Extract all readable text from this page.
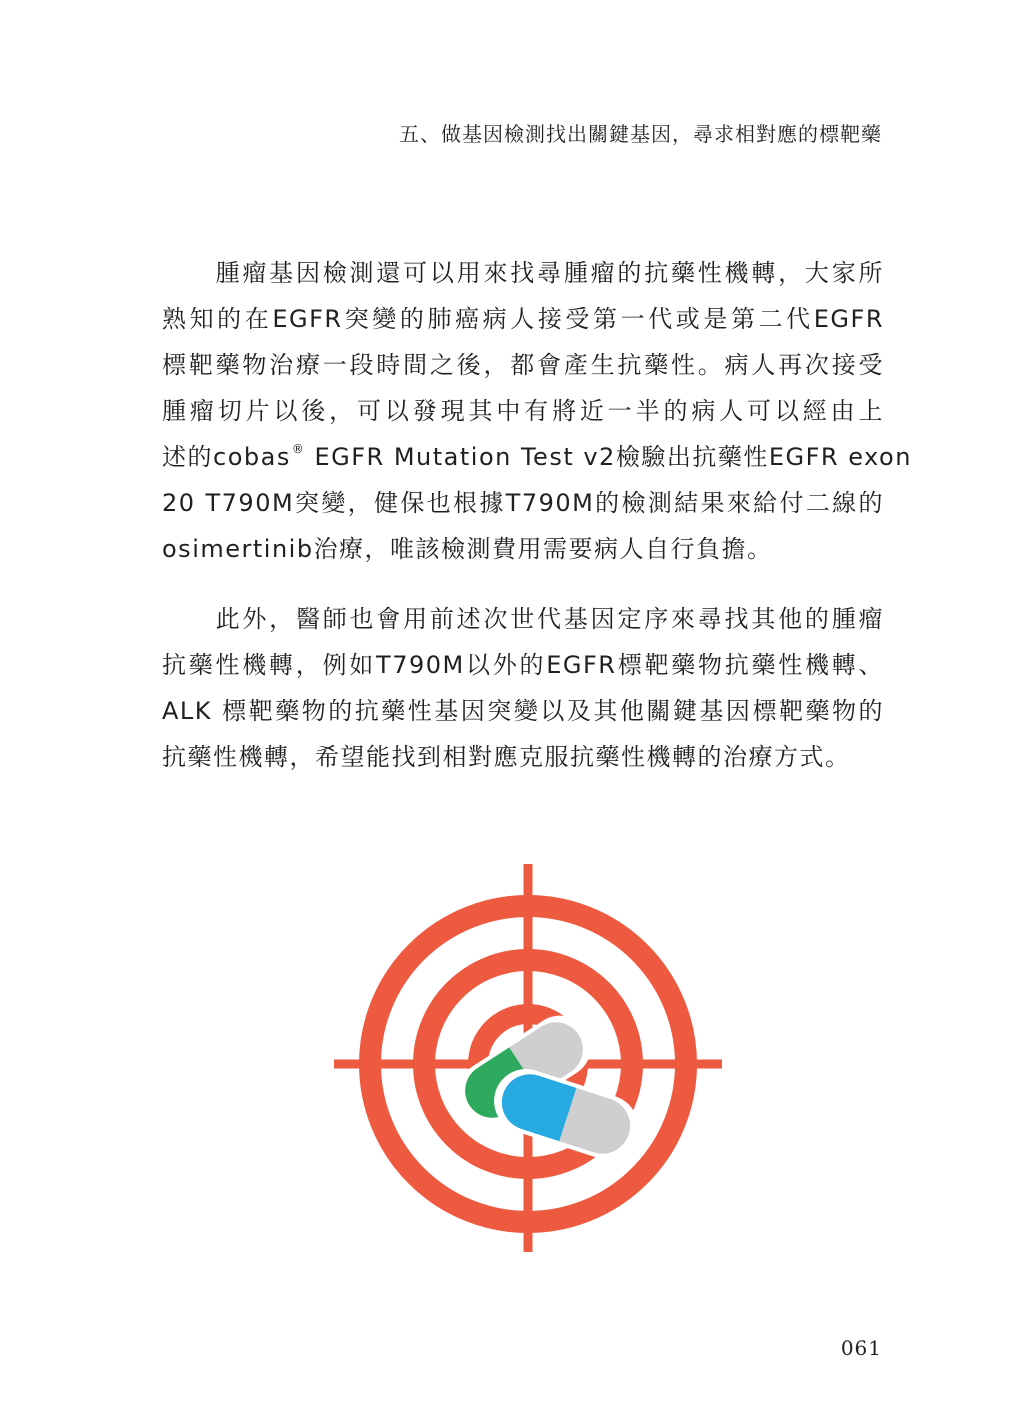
五、做基因檢測找出關鍵基因，尋求相對應的標靶藥
　　腫瘤基因檢測還可以用來找尋腫瘤的抗藥性機轉，大家所
熟知的在EGFR突變的肺癌病人接受第一代或是第二代EGFR
標靶藥物治療一段時間之後，都會產生抗藥性。病人再次接受
腫瘤切片以後，可以發現其中有將近一半的病人可以經由上
述的cobas® EGFR Mutation Test v2檢驗出抗藥性EGFR exon
20 T790M突變，健保也根據T790M的檢測結果來給付二線的
osimertinib治療，唯該檢測費用需要病人自行負擔。
　　此外，醫師也會用前述次世代基因定序來尋找其他的腫瘤
抗藥性機轉，例如T790M以外的EGFR標靶藥物抗藥性機轉、
ALK 標靶藥物的抗藥性基因突變以及其他關鍵基因標靶藥物的
抗藥性機轉，希望能找到相對應克服抗藥性機轉的治療方式。
061
